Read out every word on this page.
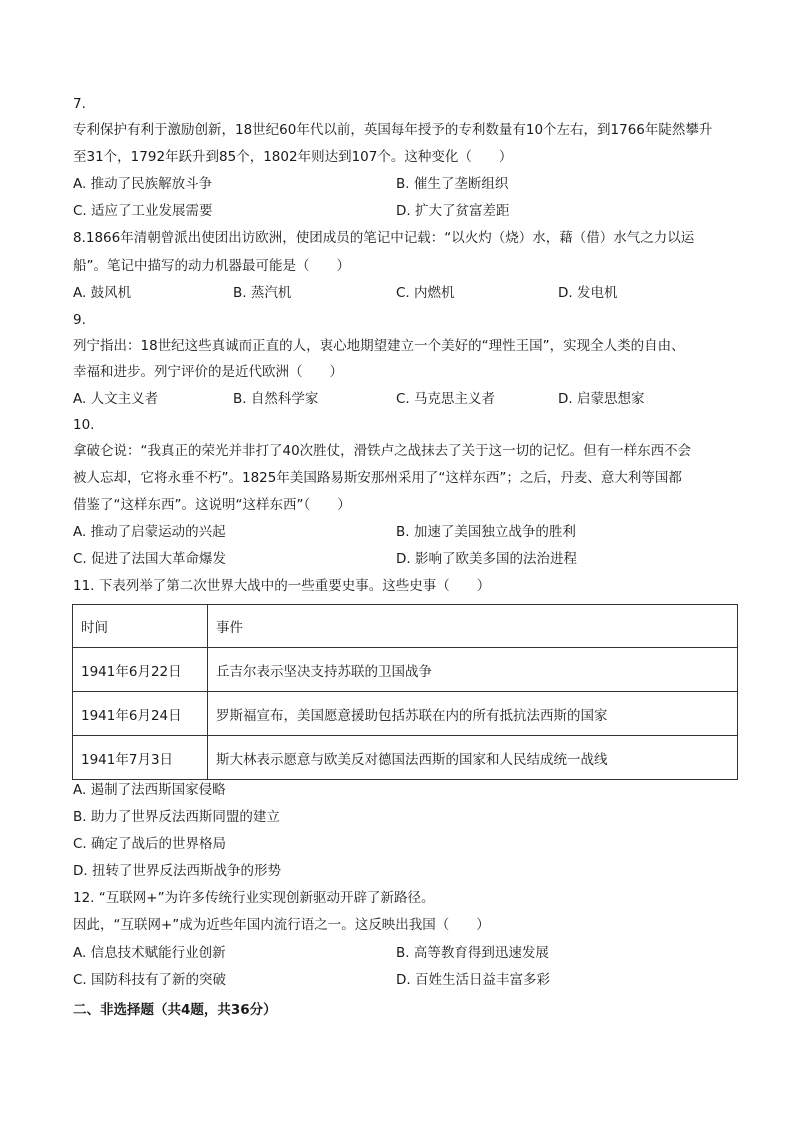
7.
专利保护有利于激励创新，18世纪60年代以前，英国每年授予的专利数量有10个左右，到1766年陡然攀升
至31个，1792年跃升到85个，1802年则达到107个。这种变化（　　）
A. 推动了民族解放斗争	B. 催生了垄断组织
C. 适应了工业发展需要	D. 扩大了贫富差距
8.1866年清朝曾派出使团出访欧洲，使团成员的笔记中记载：“以火灼（烧）水，藉（借）水气之力以运
船”。笔记中描写的动力机器最可能是（　　）
A. 鼓风机	B. 蒸汽机	C. 内燃机	D. 发电机
9.
列宁指出：18世纪这些真诚而正直的人，衷心地期望建立一个美好的“理性王国”，实现全人类的自由、
幸福和进步。列宁评价的是近代欧洲（　　）
A. 人文主义者	B. 自然科学家	C. 马克思主义者	D. 启蒙思想家
10.
拿破仑说：“我真正的荣光并非打了40次胜仗，滑铁卢之战抹去了关于这一切的记忆。但有一样东西不会
被人忘却，它将永垂不朽”。1825年美国路易斯安那州采用了“这样东西”；之后，丹麦、意大利等国都
借鉴了“这样东西”。这说明“这样东西”（　　）
A. 推动了启蒙运动的兴起	B. 加速了美国独立战争的胜利
C. 促进了法国大革命爆发	D. 影响了欧美多国的法治进程
11. 下表列举了第二次世界大战中的一些重要史事。这些史事（　　）
时间	事件
1941年6月22日	丘吉尔表示坚决支持苏联的卫国战争
1941年6月24日	罗斯福宣布，美国愿意援助包括苏联在内的所有抵抗法西斯的国家
1941年7月3日	斯大林表示愿意与欧美反对德国法西斯的国家和人民结成统一战线
A. 遏制了法西斯国家侵略
B. 助力了世界反法西斯同盟的建立
C. 确定了战后的世界格局
D. 扭转了世界反法西斯战争的形势
12. “互联网+”为许多传统行业实现创新驱动开辟了新路径。
因此，“互联网+”成为近些年国内流行语之一。这反映出我国（　　）
A. 信息技术赋能行业创新	B. 高等教育得到迅速发展
C. 国防科技有了新的突破	D. 百姓生活日益丰富多彩
二、非选择题（共4题，共36分）
